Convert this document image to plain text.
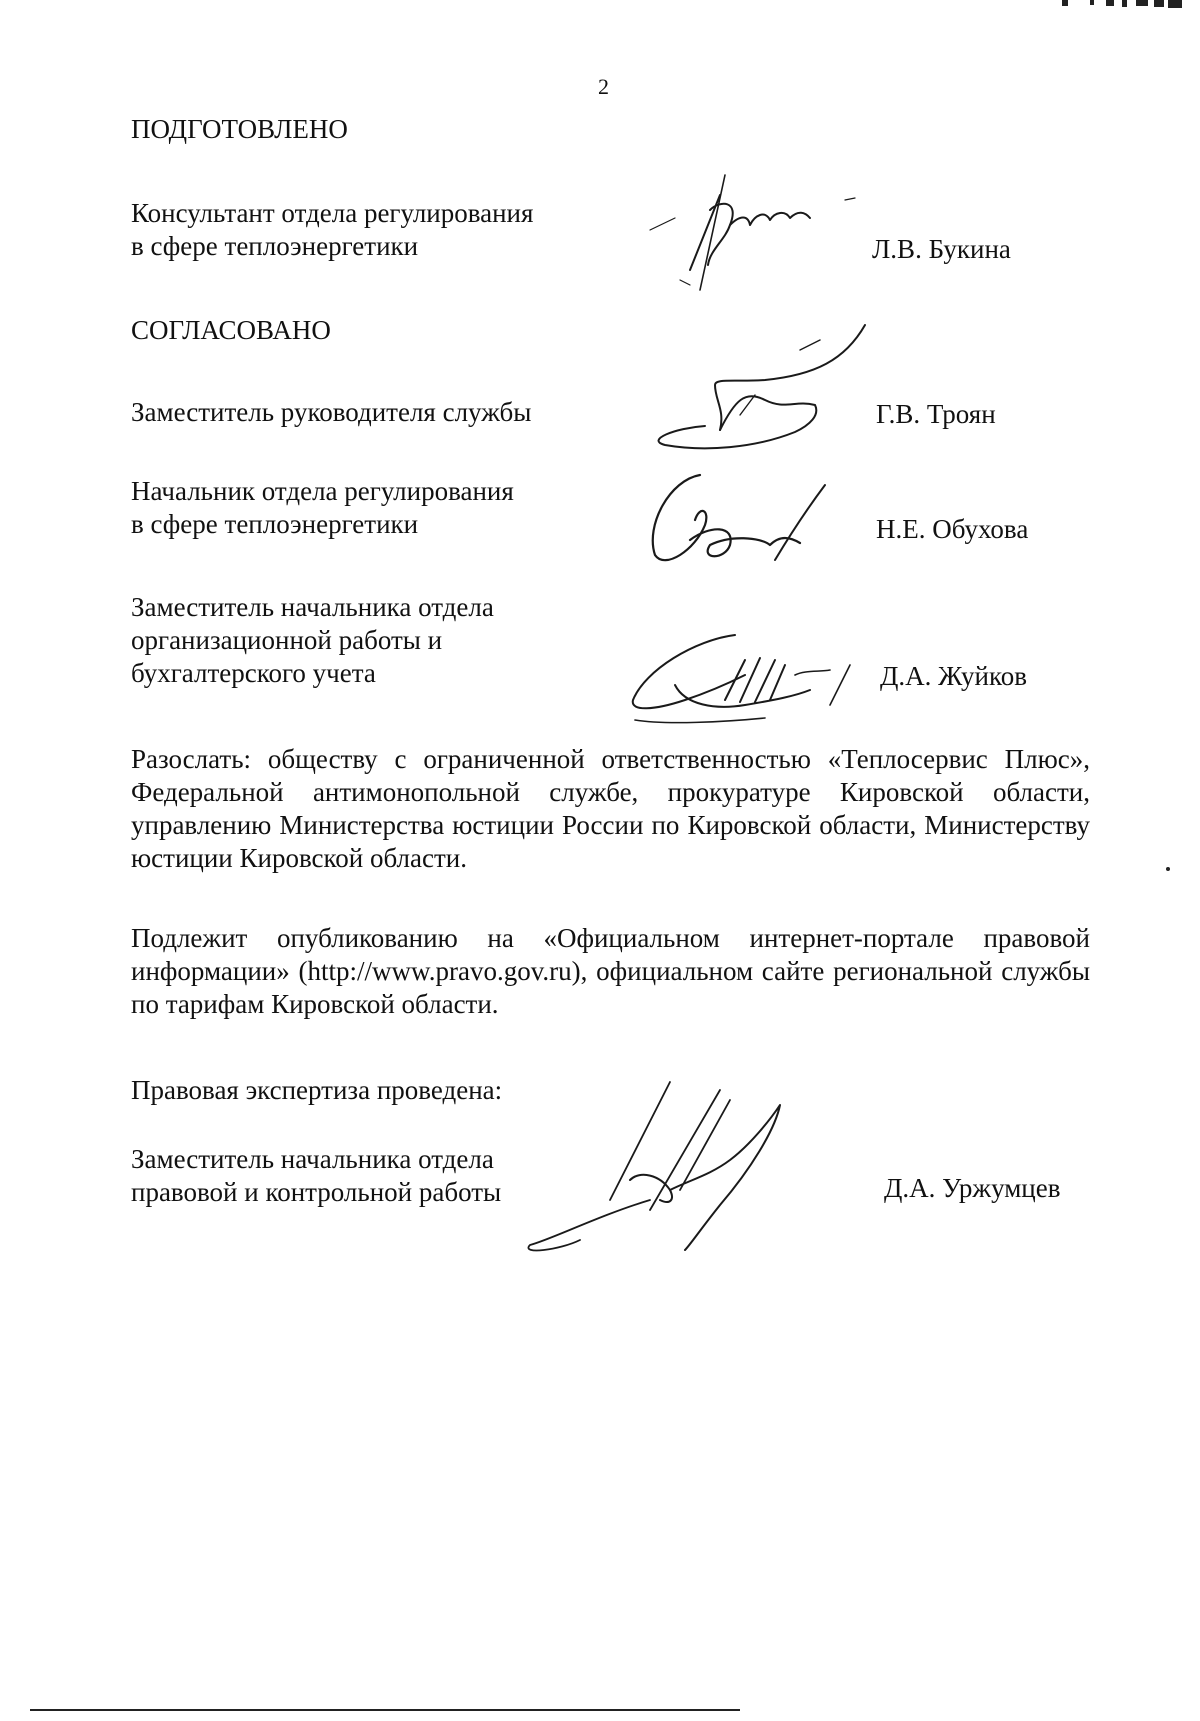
2
ПОДГОТОВЛЕНО
Консультант отдела регулирования
в сфере теплоэнергетики	Л.В. Букина
СОГЛАСОВАНО
Заместитель руководителя службы	Г.В. Троян
Начальник отдела регулирования
в сфере теплоэнергетики	Н.Е. Обухова
Заместитель начальника отдела
организационной работы и
бухгалтерского учета	Д.А. Жуйков
Разослать: обществу с ограниченной ответственностью «Теплосервис Плюс», Федеральной антимонопольной службе, прокуратуре Кировской области, управлению Министерства юстиции России по Кировской области, Министерству юстиции Кировской области.
Подлежит опубликованию на «Официальном интернет-портале правовой информации» (http://www.pravo.gov.ru), официальном сайте региональной службы по тарифам Кировской области.
Правовая экспертиза проведена:
Заместитель начальника отдела
правовой и контрольной работы	Д.А. Уржумцев
